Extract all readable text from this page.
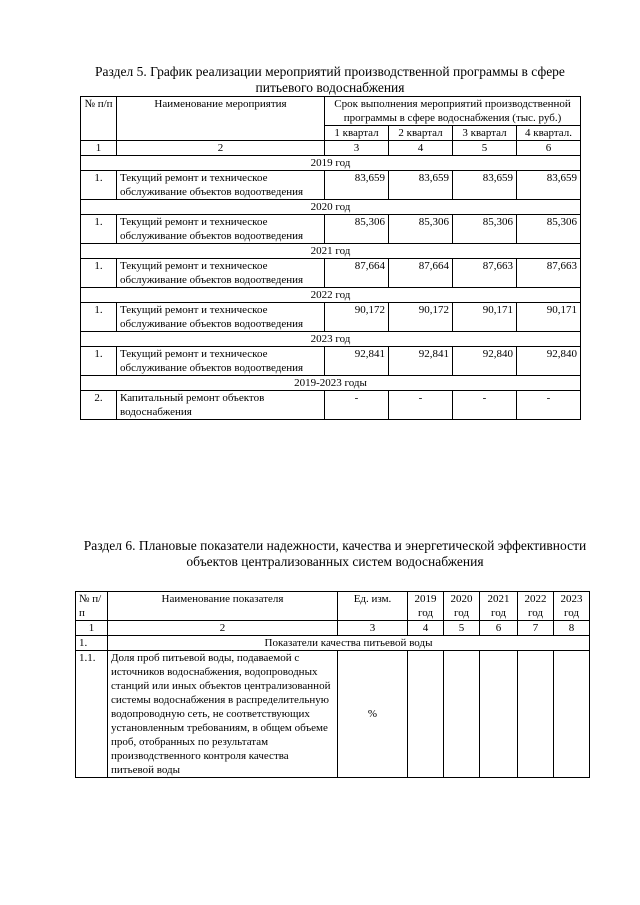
Раздел 5. График реализации мероприятий производственной программы в сфере питьевого водоснабжения
№ п/п	Наименование мероприятия	Срок выполнения мероприятий производственной программы в сфере водоснабжения (тыс. руб.)			
		1 квартал	2 квартал	3 квартал	4 квартал.
1	2	3	4	5	6
2019 год					
1.	Текущий ремонт и техническое обслуживание объектов водоотведения	83,659	83,659	83,659	83,659
2020 год					
1.	Текущий ремонт и техническое обслуживание объектов водоотведения	85,306	85,306	85,306	85,306
2021 год					
1.	Текущий ремонт и техническое обслуживание объектов водоотведения	87,664	87,664	87,663	87,663
2022 год					
1.	Текущий ремонт и техническое обслуживание объектов водоотведения	90,172	90,172	90,171	90,171
2023 год					
1.	Текущий ремонт и техническое обслуживание объектов водоотведения	92,841	92,841	92,840	92,840
2019-2023 годы					
2.	Капитальный ремонт объектов водоснабжения	-	-	-	-
Раздел 6. Плановые показатели надежности, качества и энергетической эффективности объектов централизованных систем водоснабжения
№ п/п	Наименование показателя	Ед. изм.	2019 год	2020 год	2021 год	2022 год	2023 год
1	2	3	4	5	6	7	8
1.	Показатели качества питьевой воды						
1.1.	Доля проб питьевой воды, подаваемой с источников водоснабжения, водопроводных станций или иных объектов централизованной системы водоснабжения в распределительную водопроводную сеть, не соответствующих установленным требованиям, в общем объеме проб, отобранных по результатам производственного контроля качества питьевой воды	%					
